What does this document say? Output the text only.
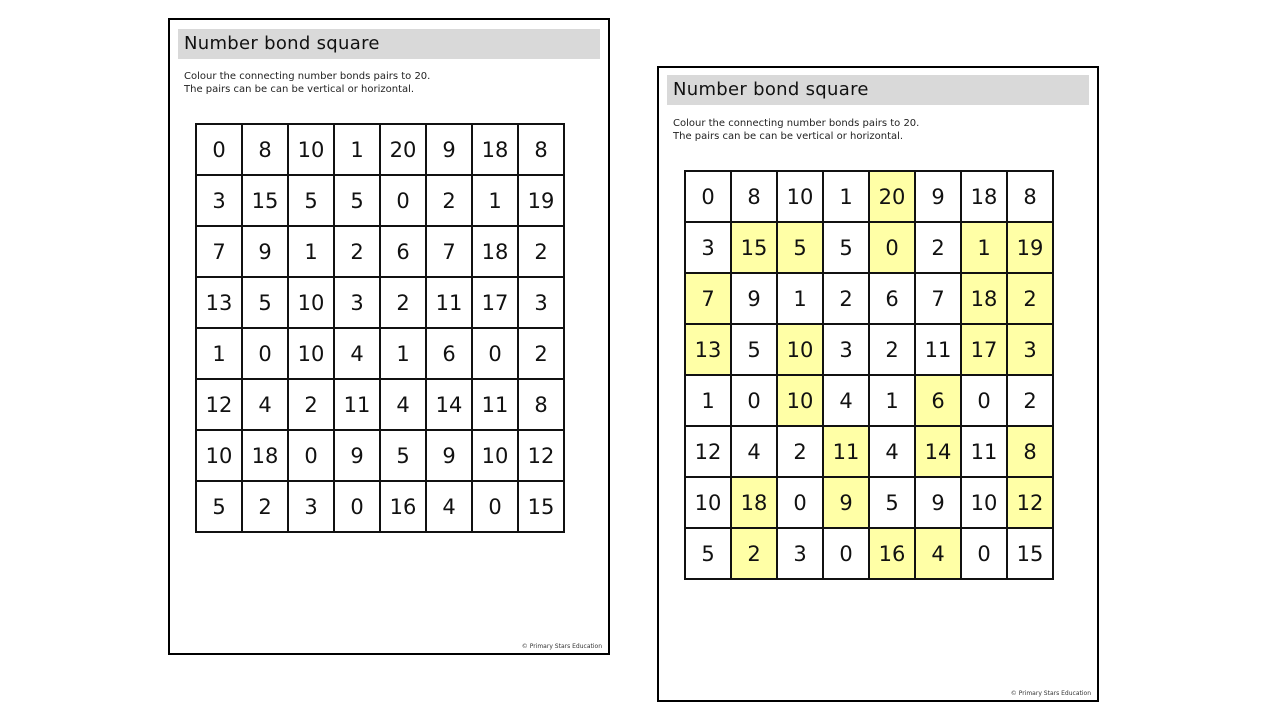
Number bond square
Colour the connecting number bonds pairs to 20.
The pairs can be can be vertical or horizontal.
0	8	10	1	20	9	18	8
3	15	5	5	0	2	1	19
7	9	1	2	6	7	18	2
13	5	10	3	2	11	17	3
1	0	10	4	1	6	0	2
12	4	2	11	4	14	11	8
10	18	0	9	5	9	10	12
5	2	3	0	16	4	0	15
© Primary Stars Education
Number bond square
Colour the connecting number bonds pairs to 20.
The pairs can be can be vertical or horizontal.
0	8	10	1	20	9	18	8
3	15	5	5	0	2	1	19
7	9	1	2	6	7	18	2
13	5	10	3	2	11	17	3
1	0	10	4	1	6	0	2
12	4	2	11	4	14	11	8
10	18	0	9	5	9	10	12
5	2	3	0	16	4	0	15
© Primary Stars Education
